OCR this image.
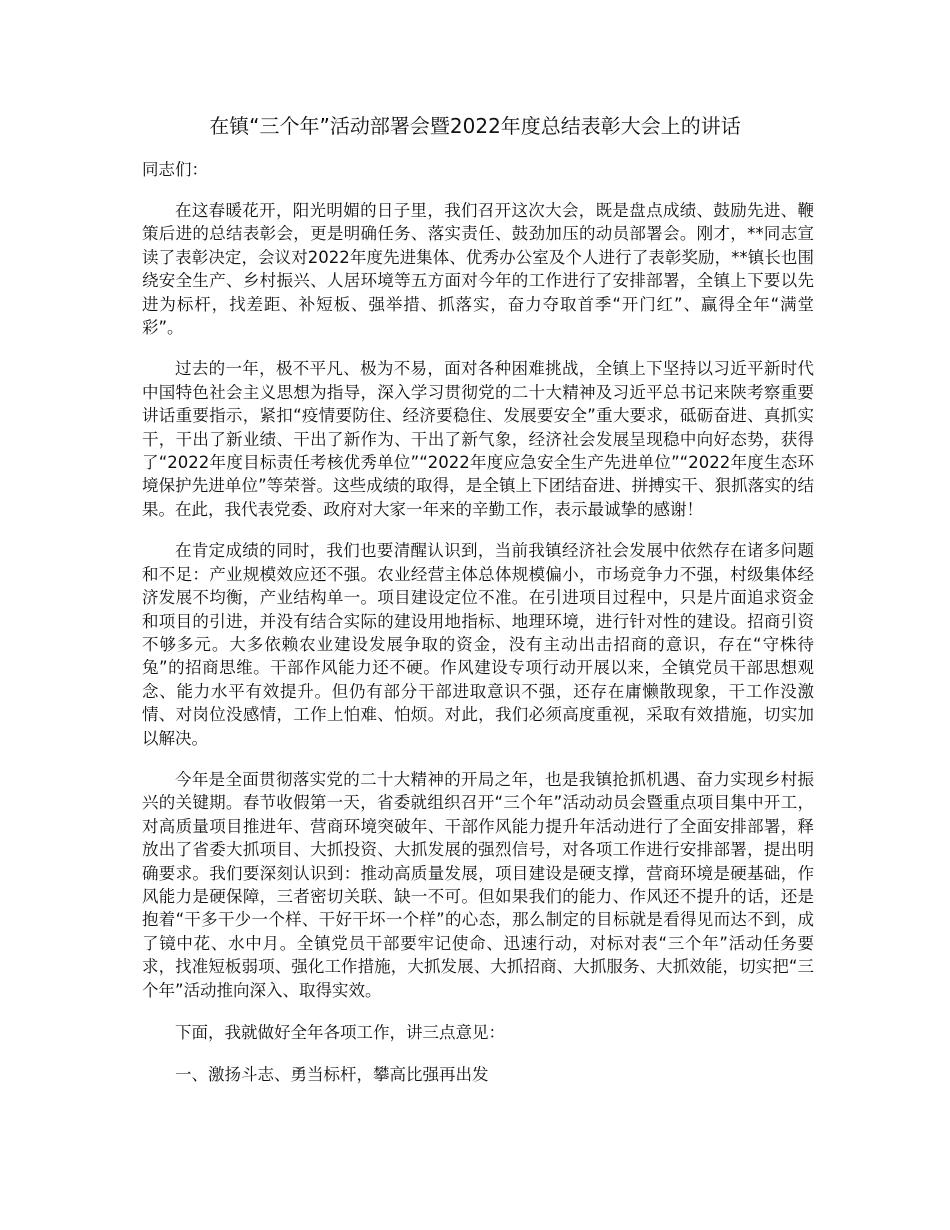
在镇“三个年”活动部署会暨2022年度总结表彰大会上的讲话

同志们：

在这春暖花开，阳光明媚的日子里，我们召开这次大会，既是盘点成绩、鼓励先进、鞭策后进的总结表彰会，更是明确任务、落实责任、鼓劲加压的动员部署会。刚才，**同志宣读了表彰决定，会议对2022年度先进集体、优秀办公室及个人进行了表彰奖励，**镇长也围绕安全生产、乡村振兴、人居环境等五方面对今年的工作进行了安排部署，全镇上下要以先进为标杆，找差距、补短板、强举措、抓落实，奋力夺取首季“开门红”、赢得全年“满堂彩”。

过去的一年，极不平凡、极为不易，面对各种困难挑战，全镇上下坚持以习近平新时代中国特色社会主义思想为指导，深入学习贯彻党的二十大精神及习近平总书记来陕考察重要讲话重要指示，紧扣“疫情要防住、经济要稳住、发展要安全”重大要求，砥砺奋进、真抓实干，干出了新业绩、干出了新作为、干出了新气象，经济社会发展呈现稳中向好态势，获得了“2022年度目标责任考核优秀单位”“2022年度应急安全生产先进单位”“2022年度生态环境保护先进单位”等荣誉。这些成绩的取得，是全镇上下团结奋进、拼搏实干、狠抓落实的结果。在此，我代表党委、政府对大家一年来的辛勤工作，表示最诚挚的感谢！

在肯定成绩的同时，我们也要清醒认识到，当前我镇经济社会发展中依然存在诸多问题和不足：产业规模效应还不强。农业经营主体总体规模偏小，市场竞争力不强，村级集体经济发展不均衡，产业结构单一。项目建设定位不准。在引进项目过程中，只是片面追求资金和项目的引进，并没有结合实际的建设用地指标、地理环境，进行针对性的建设。招商引资不够多元。大多依赖农业建设发展争取的资金，没有主动出击招商的意识，存在“守株待兔”的招商思维。干部作风能力还不硬。作风建设专项行动开展以来，全镇党员干部思想观念、能力水平有效提升。但仍有部分干部进取意识不强，还存在庸懒散现象，干工作没激情、对岗位没感情，工作上怕难、怕烦。对此，我们必须高度重视，采取有效措施，切实加以解决。

今年是全面贯彻落实党的二十大精神的开局之年，也是我镇抢抓机遇、奋力实现乡村振兴的关键期。春节收假第一天，省委就组织召开“三个年”活动动员会暨重点项目集中开工，对高质量项目推进年、营商环境突破年、干部作风能力提升年活动进行了全面安排部署，释放出了省委大抓项目、大抓投资、大抓发展的强烈信号，对各项工作进行安排部署，提出明确要求。我们要深刻认识到：推动高质量发展，项目建设是硬支撑，营商环境是硬基础，作风能力是硬保障，三者密切关联、缺一不可。但如果我们的能力、作风还不提升的话，还是抱着“干多干少一个样、干好干坏一个样”的心态，那么制定的目标就是看得见而达不到，成了镜中花、水中月。全镇党员干部要牢记使命、迅速行动，对标对表“三个年”活动任务要求，找准短板弱项、强化工作措施，大抓发展、大抓招商、大抓服务、大抓效能，切实把“三个年”活动推向深入、取得实效。

下面，我就做好全年各项工作，讲三点意见：

一、激扬斗志、勇当标杆，攀高比强再出发
